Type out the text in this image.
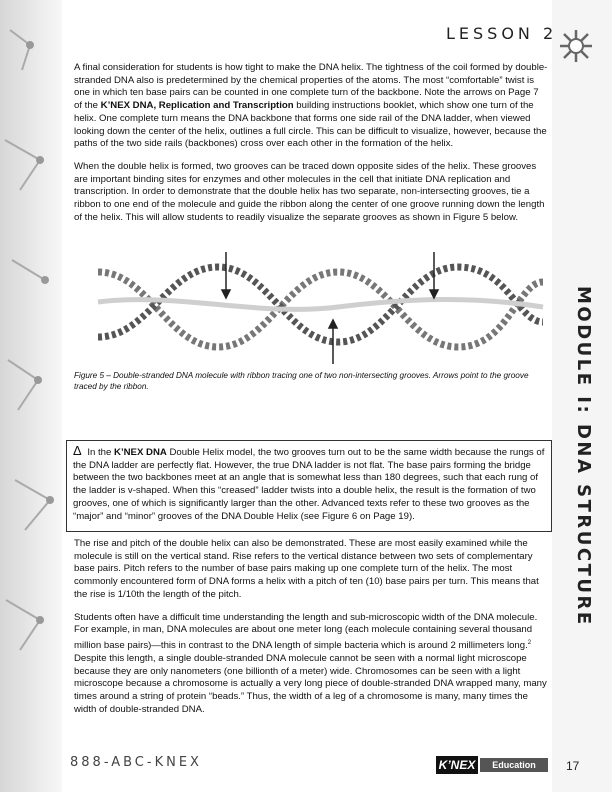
LESSON 2
MODULE I: DNA STRUCTURE

A final consideration for students is how tight to make the DNA helix. The tightness of the coil formed by double-stranded DNA also is predetermined by the chemical properties of the atoms. The most “comfortable” twist is one in which ten base pairs can be counted in one complete turn of the backbone. Note the arrows on Page 7 of the K’NEX DNA, Replication and Transcription building instructions booklet, which show one turn of the helix. One complete turn means the DNA backbone that forms one side rail of the DNA ladder, when viewed looking down the center of the helix, outlines a full circle. This can be difficult to visualize, however, because the paths of the two side rails (backbones) cross over each other in the formation of the helix.

When the double helix is formed, two grooves can be traced down opposite sides of the helix. These grooves are important binding sites for enzymes and other molecules in the cell that initiate DNA replication and transcription. In order to demonstrate that the double helix has two separate, non-intersecting grooves, tie a ribbon to one end of the molecule and guide the ribbon along the center of one groove running down the length of the helix. This will allow students to readily visualize the separate grooves as shown in Figure 5 below.

Figure 5 – Double-stranded DNA molecule with ribbon tracing one of two non-intersecting grooves. Arrows point to the groove traced by the ribbon.
Δ In the K’NEX DNA Double Helix model, the two grooves turn out to be the same width because the rungs of the DNA ladder are perfectly flat. However, the true DNA ladder is not flat. The base pairs forming the bridge between the two backbones meet at an angle that is somewhat less than 180 degrees, such that each rung of the ladder is v-shaped. When this “creased” ladder twists into a double helix, the result is the formation of two grooves, one of which is significantly larger than the other. Advanced texts refer to these two grooves as the “major” and “minor” grooves of the DNA Double Helix (see Figure 6 on Page 19).

The rise and pitch of the double helix can also be demonstrated. These are most easily examined while the molecule is still on the vertical stand. Rise refers to the vertical distance between two sets of complementary base pairs. Pitch refers to the number of base pairs making up one complete turn of the helix. The most commonly encountered form of DNA forms a helix with a pitch of ten (10) base pairs per turn. This means that the rise is 1/10th the length of the pitch.

Students often have a difficult time understanding the length and sub-microscopic width of the DNA molecule. For example, in man, DNA molecules are about one meter long (each molecule containing several thousand million base pairs)—this in contrast to the DNA length of simple bacteria which is around 2 millimeters long.$^2$ Despite this length, a single double-stranded DNA molecule cannot be seen with a normal light microscope because they are only nanometers (one billionth of a meter) wide. Chromosomes can be seen with a light microscope because a chromosome is actually a very long piece of double-stranded DNA wrapped many, many times around a string of protein “beads.” Thus, the width of a leg of a chromosome is many, many times the width of double-stranded DNA.

888-ABC-KNEX	K’NEX	Education	17
